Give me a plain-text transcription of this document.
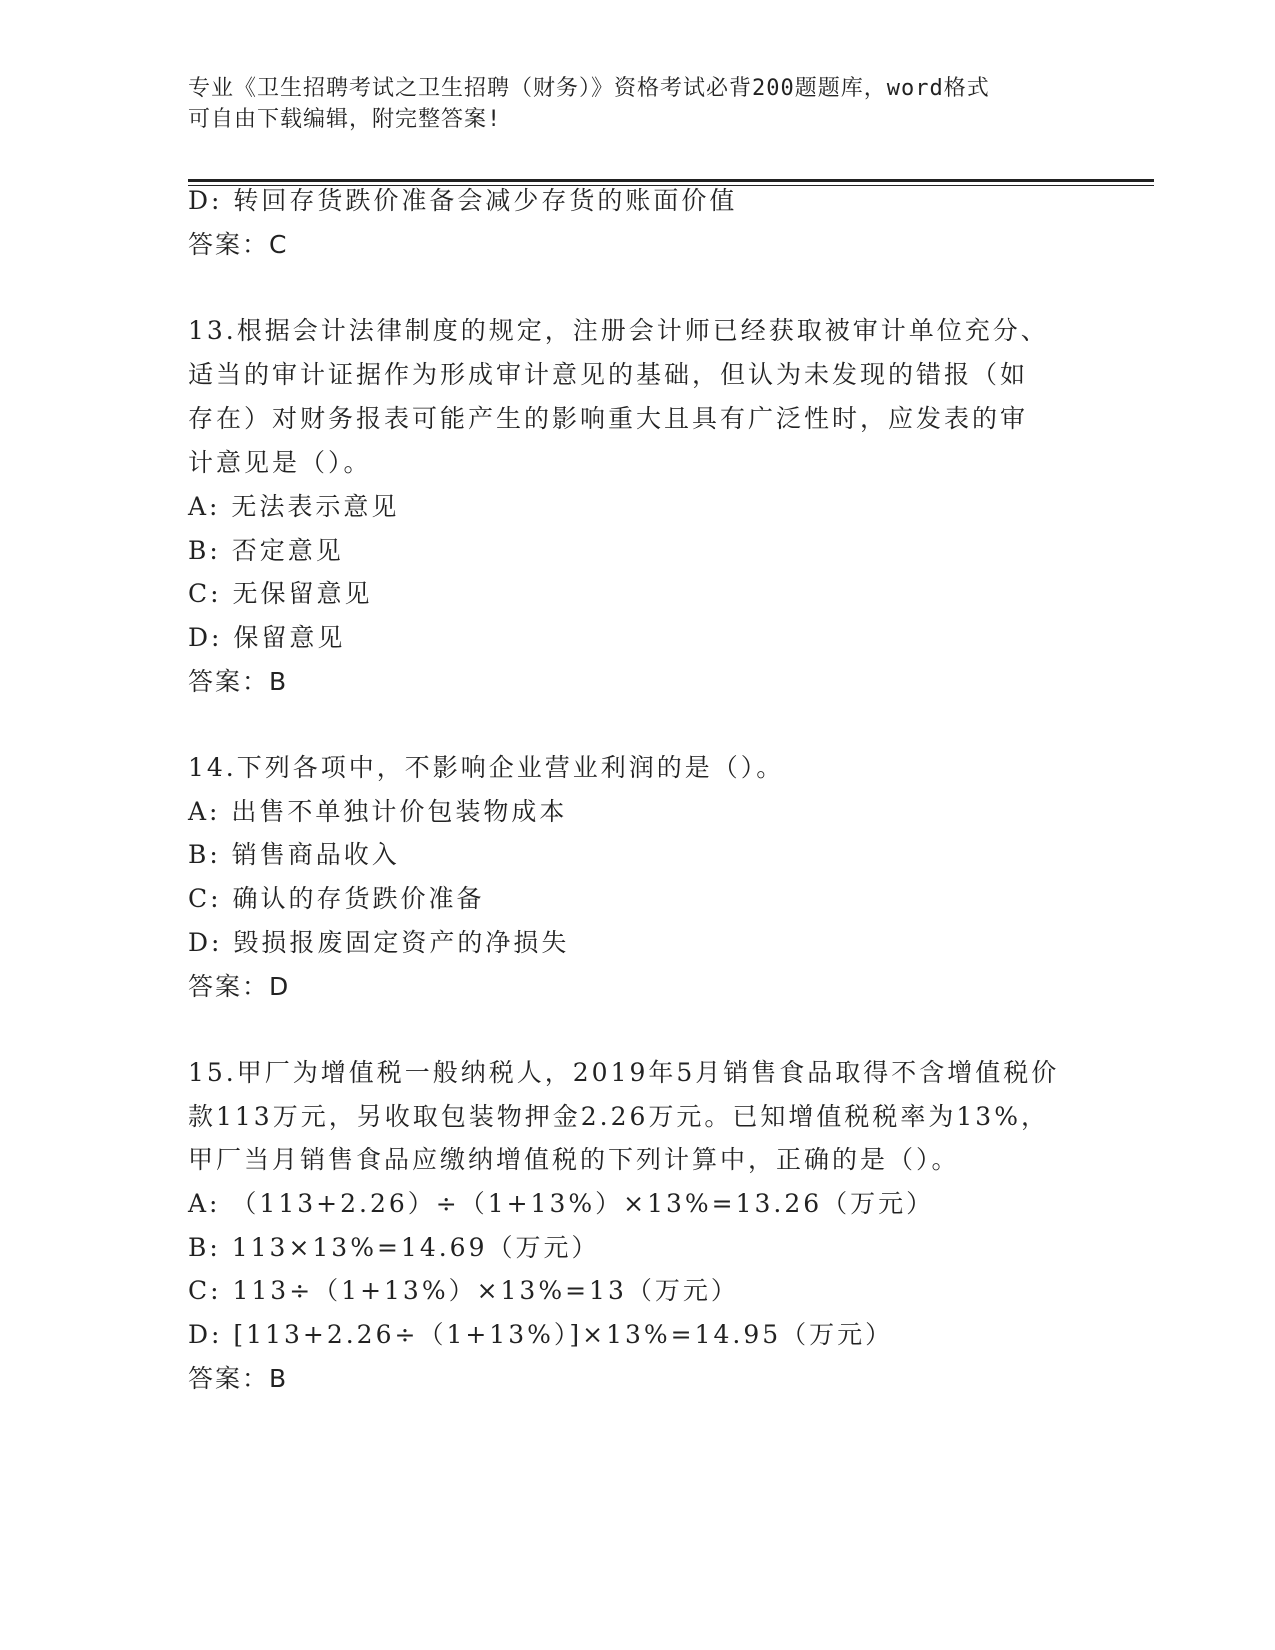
专业《卫生招聘考试之卫生招聘（财务）》资格考试必背200题题库，word格式
可自由下载编辑，附完整答案!
D: 转回存货跌价准备会减少存货的账面价值
答案：C
13.根据会计法律制度的规定，注册会计师已经获取被审计单位充分、
适当的审计证据作为形成审计意见的基础，但认为未发现的错报（如
存在）对财务报表可能产生的影响重大且具有广泛性时，应发表的审
计意见是（）。
A: 无法表示意见
B: 否定意见
C: 无保留意见
D: 保留意见
答案：B
14.下列各项中，不影响企业营业利润的是（）。
A: 出售不单独计价包装物成本
B: 销售商品收入
C: 确认的存货跌价准备
D: 毁损报废固定资产的净损失
答案：D
15.甲厂为增值税一般纳税人，2019年5月销售食品取得不含增值税价
款113万元，另收取包装物押金2.26万元。已知增值税税率为13%，
甲厂当月销售食品应缴纳增值税的下列计算中，正确的是（）。
A: （113+2.26）÷（1+13%）×13%=13.26（万元）
B: 113×13%=14.69（万元）
C: 113÷（1+13%）×13%=13（万元）
D: [113+2.26÷（1+13%）]×13%=14.95（万元）
答案：B
